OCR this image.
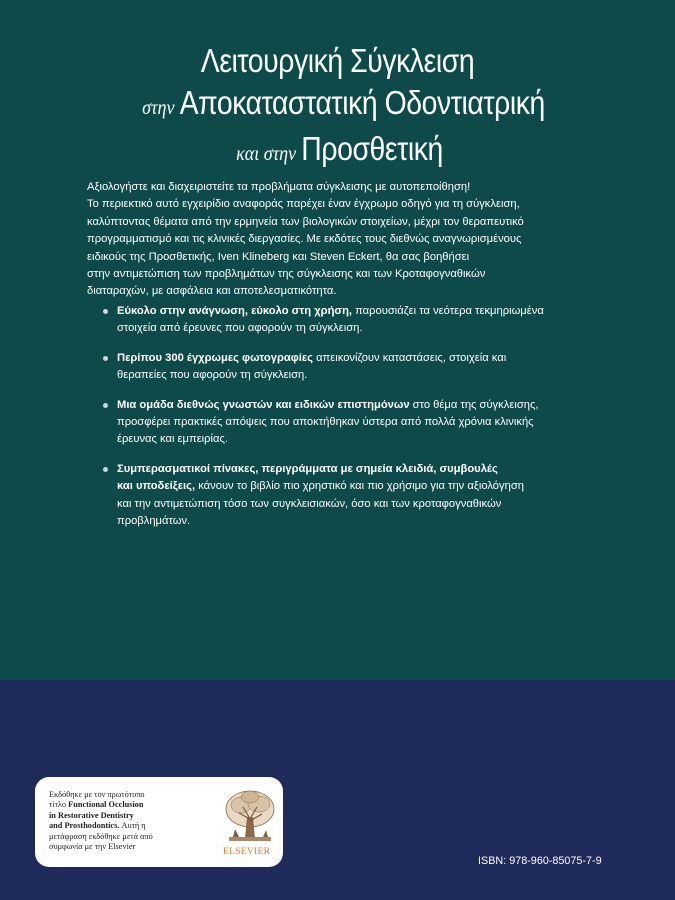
Λειτουργική Σύγκλειση
στην Αποκαταστατική Οδοντιατρική
και στην Προσθετική
Αξιολογήστε και διαχειριστείτε τα προβλήματα σύγκλεισης με αυτοπεποίθηση!
Το περιεκτικό αυτό εγχειρίδιο αναφοράς παρέχει έναν έγχρωμο οδηγό για τη σύγκλειση,
καλύπτοντας θέματα από την ερμηνεία των βιολογικών στοιχείων, μέχρι τον θεραπευτικό
προγραμματισμό και τις κλινικές διεργασίες. Με εκδότες τους διεθνώς αναγνωρισμένους
ειδικούς της Προσθετικής, Iven Klineberg και Steven Eckert, θα σας βοηθήσει
στην αντιμετώπιση των προβλημάτων της σύγκλεισης και των Κροταφογναθικών
διαταραχών, με ασφάλεια και αποτελεσματικότητα.
Εύκολο στην ανάγνωση, εύκολο στη χρήση, παρουσιάζει τα νεότερα τεκμηριωμένα
στοιχεία από έρευνες που αφορούν τη σύγκλειση.
Περίπου 300 έγχρωμες φωτογραφίες απεικονίζουν καταστάσεις, στοιχεία και
θεραπείες που αφορούν τη σύγκλειση.
Μια ομάδα διεθνώς γνωστών και ειδικών επιστημόνων στο θέμα της σύγκλεισης,
προσφέρει πρακτικές απόψεις που αποκτήθηκαν ύστερα από πολλά χρόνια κλινικής
έρευνας και εμπειρίας.
Συμπερασματικοί πίνακες, περιγράμματα με σημεία κλειδιά, συμβουλές
και υποδείξεις, κάνουν το βιβλίο πιο χρηστικό και πιο χρήσιμο για την αξιολόγηση
και την αντιμετώπιση τόσο των συγκλεισιακών, όσο και των κροταφογναθικών
προβλημάτων.
Εκδόθηκε με τον πρωτότυπο
τίτλο Functional Occlusion
in Restorative Dentistry
and Prosthodontics. Αυτή η
μετάφραση εκδόθηκε μετά από
συμφωνία με την Elsevier
ELSEVIER
ISBN: 978-960-85075-7-9
